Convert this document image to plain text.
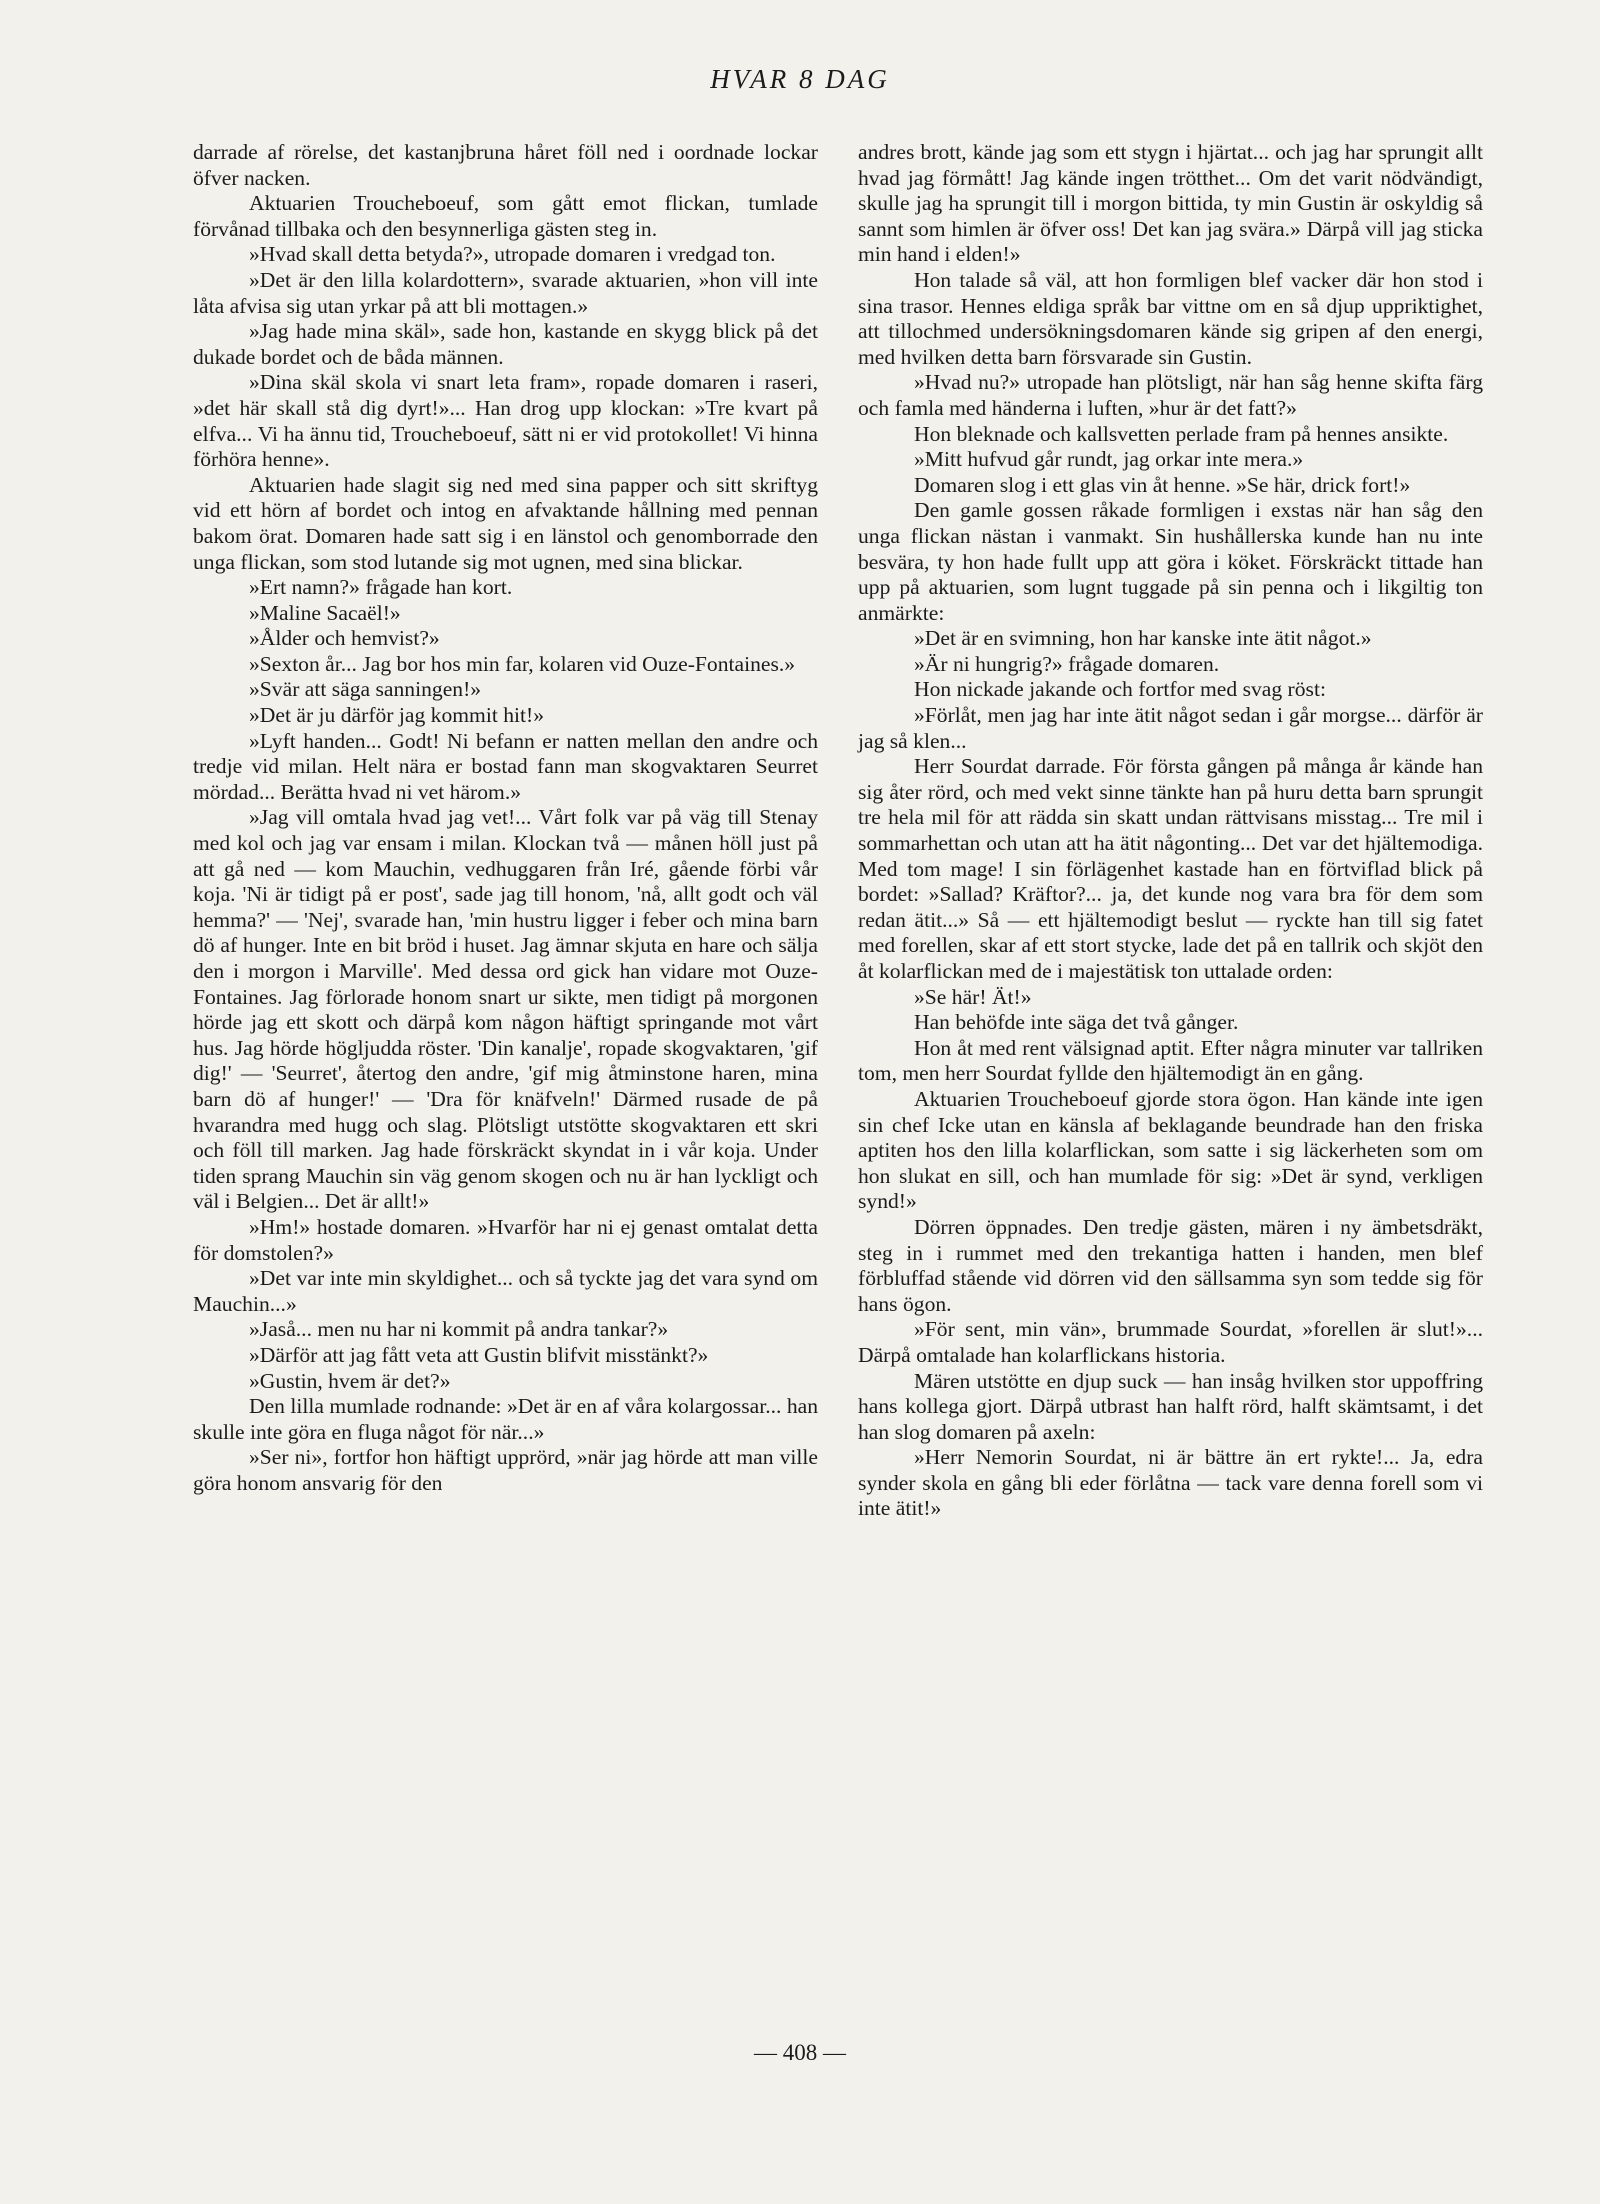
HVAR 8 DAG

darrade af rörelse, det kastanjbruna håret föll ned i oordnade lockar öfver nacken.

Aktuarien Troucheboeuf, som gått emot flickan, tumlade förvånad tillbaka och den besynnerliga gästen steg in.

»Hvad skall detta betyda?», utropade domaren i vredgad ton.

»Det är den lilla kolardottern», svarade aktuarien, »hon vill inte låta afvisa sig utan yrkar på att bli mottagen.»

»Jag hade mina skäl», sade hon, kastande en skygg blick på det dukade bordet och de båda männen.

»Dina skäl skola vi snart leta fram», ropade domaren i raseri, »det här skall stå dig dyrt!»... Han drog upp klockan: »Tre kvart på elfva... Vi ha ännu tid, Troucheboeuf, sätt ni er vid protokollet! Vi hinna förhöra henne».

Aktuarien hade slagit sig ned med sina papper och sitt skriftyg vid ett hörn af bordet och intog en afvaktande hållning med pennan bakom örat. Domaren hade satt sig i en länstol och genomborrade den unga flickan, som stod lutande sig mot ugnen, med sina blickar.

»Ert namn?» frågade han kort.

»Maline Sacaël!»

»Ålder och hemvist?»

»Sexton år... Jag bor hos min far, kolaren vid Ouze-Fontaines.»

»Svär att säga sanningen!»

»Det är ju därför jag kommit hit!»

»Lyft handen... Godt! Ni befann er natten mellan den andre och tredje vid milan. Helt nära er bostad fann man skogvaktaren Seurret mördad... Berätta hvad ni vet härom.»

»Jag vill omtala hvad jag vet!... Vårt folk var på väg till Stenay med kol och jag var ensam i milan. Klockan två — månen höll just på att gå ned — kom Mauchin, vedhuggaren från Iré, gående förbi vår koja. 'Ni är tidigt på er post', sade jag till honom, 'nå, allt godt och väl hemma?' — 'Nej', svarade han, 'min hustru ligger i feber och mina barn dö af hunger. Inte en bit bröd i huset. Jag ämnar skjuta en hare och sälja den i morgon i Marville'. Med dessa ord gick han vidare mot Ouze-Fontaines. Jag förlorade honom snart ur sikte, men tidigt på morgonen hörde jag ett skott och därpå kom någon häftigt springande mot vårt hus. Jag hörde höglјudda röster. 'Din kanalje', ropade skogvaktaren, 'gif dig!' — 'Seurret', återtog den andre, 'gif mig åtminstone haren, mina barn dö af hunger!' — 'Dra för knäfveln!' Därmed rusade de på hvarandra med hugg och slag. Plötsligt utstötte skogvaktaren ett skri och föll till marken. Jag hade förskräckt skyndat in i vår koja. Under tiden sprang Mauchin sin väg genom skogen och nu är han lyckligt och väl i Belgien... Det är allt!»

»Hm!» hostade domaren. »Hvarför har ni ej genast omtalat detta för domstolen?»

»Det var inte min skyldighet... och så tyckte jag det vara synd om Mauchin...»

»Jaså... men nu har ni kommit på andra tankar?»

»Därför att jag fått veta att Gustin blifvit misstänkt?»

»Gustin, hvem är det?»

Den lilla mumlade rodnande: »Det är en af våra kolargossar... han skulle inte göra en fluga något för när...»

»Ser ni», fortfor hon häftigt upprörd, »när jag hörde att man ville göra honom ansvarig för den

andres brott, kände jag som ett stygn i hjärtat... och jag har sprungit allt hvad jag förmått! Jag kände ingen trötthet... Om det varit nödvändigt, skulle jag ha sprungit till i morgon bittida, ty min Gustin är oskyldig så sannt som himlen är öfver oss! Det kan jag svära.» Därpå vill jag sticka min hand i elden!»

Hon talade så väl, att hon formligen blef vacker där hon stod i sina trasor. Hennes eldiga språk bar vittne om en så djup uppriktighet, att tillochmed undersökningsdomaren kände sig gripen af den energi, med hvilken detta barn försvarade sin Gustin.

»Hvad nu?» utropade han plötsligt, när han såg henne skifta färg och famla med händerna i luften, »hur är det fatt?»

Hon bleknade och kallsvetten perlade fram på hennes ansikte.

»Mitt hufvud går rundt, jag orkar inte mera.»

Domaren slog i ett glas vin åt henne. »Se här, drick fort!»

Den gamle gossen råkade formligen i exstas när han såg den unga flickan nästan i vanmakt. Sin hushållerska kunde han nu inte besvära, ty hon hade fullt upp att göra i köket. Förskräckt tittade han upp på aktuarien, som lugnt tuggade på sin penna och i likgiltig ton anmärkte:

»Det är en svimning, hon har kanske inte ätit något.»

»Är ni hungrig?» frågade domaren.

Hon nickade jakande och fortfor med svag röst:

»Förlåt, men jag har inte ätit något sedan i går morgse... därför är jag så klen...

Herr Sourdat darrade. För första gången på många år kände han sig åter rörd, och med vekt sinne tänkte han på huru detta barn sprungit tre hela mil för att rädda sin skatt undan rättvisans misstag... Tre mil i sommarhettan och utan att ha ätit någonting... Det var det hjältemodiga. Med tom mage! I sin förlägenhet kastade han en förtviflad blick på bordet: »Sallad? Kräftor?... ja, det kunde nog vara bra för dem som redan ätit...» Så — ett hjältemodigt beslut — ryckte han till sig fatet med forellen, skar af ett stort stycke, lade det på en tallrik och skjöt den åt kolarflickan med de i majestätisk ton uttalade orden:

»Se här! Ät!»

Han behöfde inte säga det två gånger.

Hon åt med rent välsignad aptit. Efter några minuter var tallriken tom, men herr Sourdat fyllde den hjältemodigt än en gång.

Aktuarien Troucheboeuf gjorde stora ögon. Han kände inte igen sin chef Icke utan en känsla af beklagande beundrade han den friska aptiten hos den lilla kolarflickan, som satte i sig läckerheten som om hon slukat en sill, och han mumlade för sig: »Det är synd, verkligen synd!»

Dörren öppnades. Den tredje gästen, mären i ny ämbetsdräkt, steg in i rummet med den trekantiga hatten i handen, men blef förbluffad stående vid dörren vid den sällsamma syn som tedde sig för hans ögon.

»För sent, min vän», brummade Sourdat, »forellen är slut!»... Därpå omtalade han kolarflickans historia.

Mären utstötte en djup suck — han insåg hvilken stor uppoffring hans kollega gjort. Därpå utbrast han halft rörd, halft skämtsamt, i det han slog domaren på axeln:

»Herr Nemorin Sourdat, ni är bättre än ert rykte!... Ja, edra synder skola en gång bli eder förlåtna — tack vare denna forell som vi inte ätit!»

— 408 —
